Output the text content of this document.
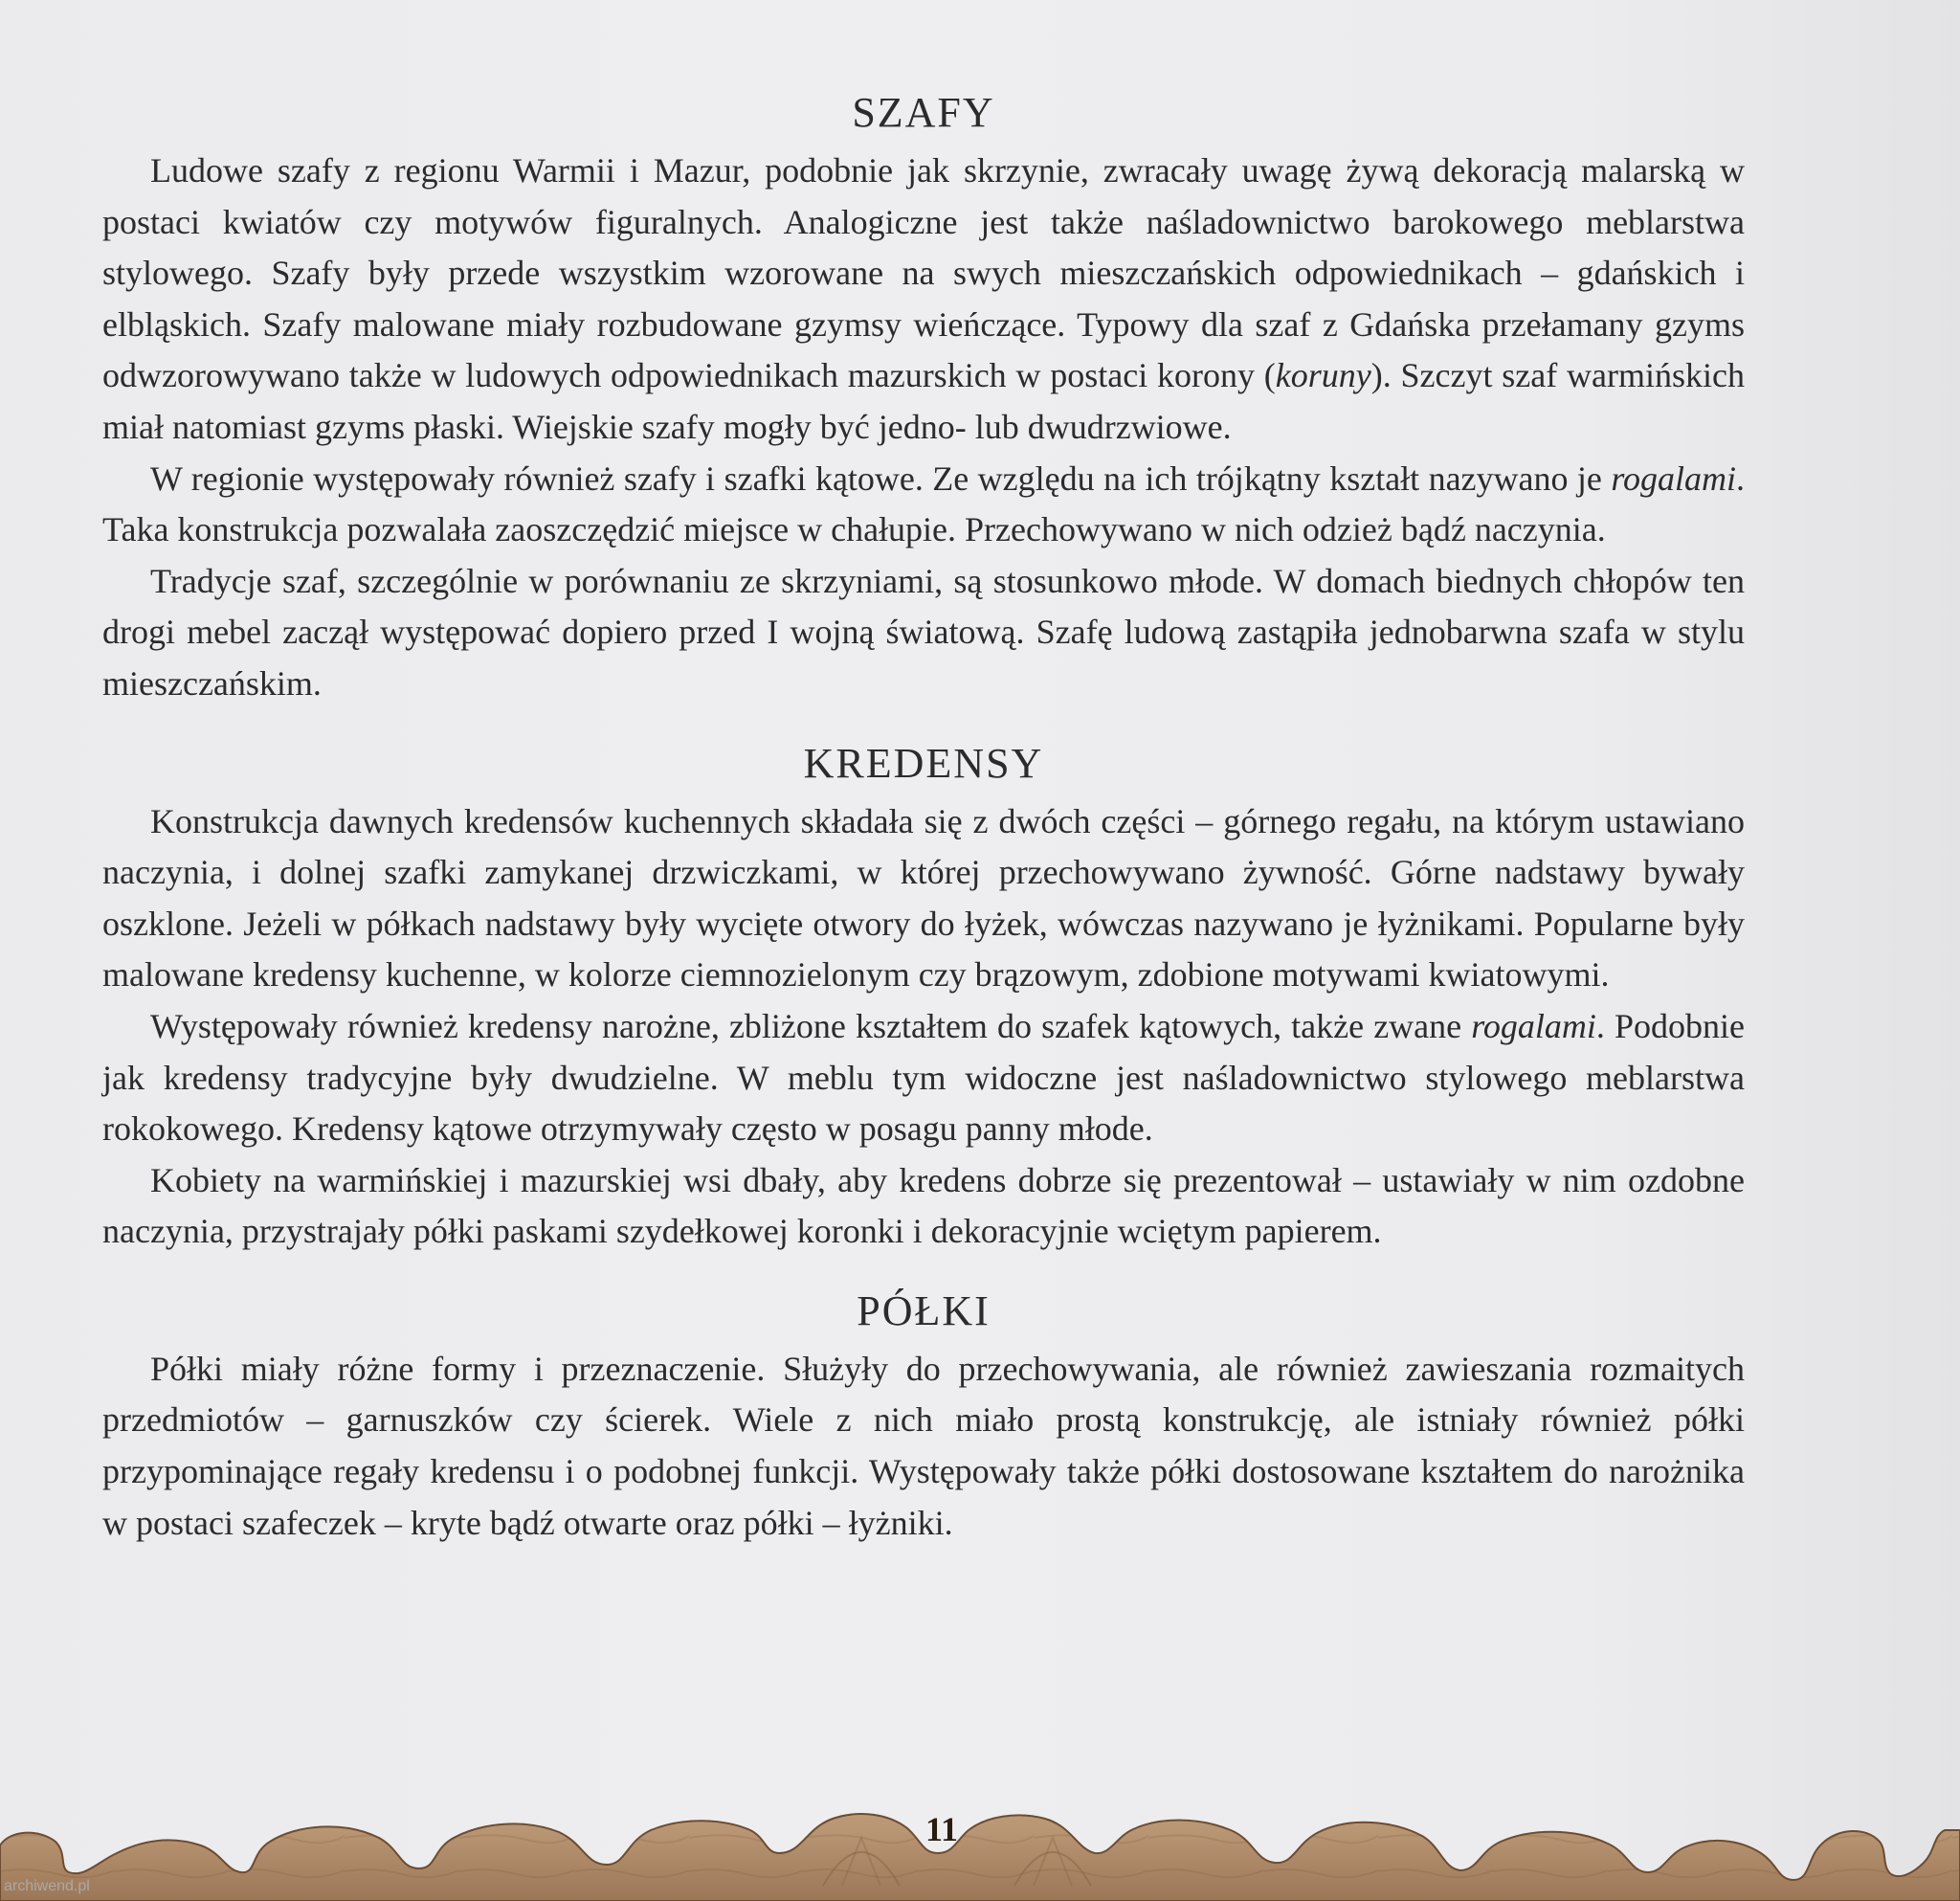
SZAFY

Ludowe szafy z regionu Warmii i Mazur, podobnie jak skrzynie, zwracały uwagę żywą dekoracją malarską w postaci kwiatów czy motywów figuralnych. Analogiczne jest także naśladownictwo barokowego meblarstwa stylowego. Szafy były przede wszystkim wzorowane na swych mieszczańskich odpowiednikach – gdańskich i elbląskich. Szafy malowane miały rozbudowane gzymsy wieńczące. Typowy dla szaf z Gdańska przełamany gzyms odwzorowywano także w ludowych odpowiednikach mazurskich w postaci korony (koruny). Szczyt szaf warmińskich miał natomiast gzyms płaski. Wiejskie szafy mogły być jedno- lub dwudrzwiowe.

W regionie występowały również szafy i szafki kątowe. Ze względu na ich trójkątny kształt nazywano je rogalami. Taka konstrukcja pozwalała zaoszczędzić miejsce w chałupie. Przechowywano w nich odzież bądź naczynia.

Tradycje szaf, szczególnie w porównaniu ze skrzyniami, są stosunkowo młode. W domach biednych chłopów ten drogi mebel zaczął występować dopiero przed I wojną światową. Szafę ludową zastąpiła jednobarwna szafa w stylu mieszczańskim.

KREDENSY

Konstrukcja dawnych kredensów kuchennych składała się z dwóch części – górnego regału, na którym ustawiano naczynia, i dolnej szafki zamykanej drzwiczkami, w której przechowywano żywność. Górne nadstawy bywały oszklone. Jeżeli w półkach nadstawy były wycięte otwory do łyżek, wówczas nazywano je łyżnikami. Popularne były malowane kredensy kuchenne, w kolorze ciemnozielonym czy brązowym, zdobione motywami kwiatowymi.

Występowały również kredensy narożne, zbliżone kształtem do szafek kątowych, także zwane rogalami. Podobnie jak kredensy tradycyjne były dwudzielne. W meblu tym widoczne jest naśladownictwo stylowego meblarstwa rokokowego. Kredensy kątowe otrzymywały często w posagu panny młode.

Kobiety na warmińskiej i mazurskiej wsi dbały, aby kredens dobrze się prezentował – ustawiały w nim ozdobne naczynia, przystrajały półki paskami szydełkowej koronki i dekoracyjnie wciętym papierem.

PÓŁKI

Półki miały różne formy i przeznaczenie. Służyły do przechowywania, ale również zawieszania rozmaitych przedmiotów – garnuszków czy ścierek. Wiele z nich miało prostą konstrukcję, ale istniały również półki przypominające regały kredensu i o podobnej funkcji. Występowały także półki dostosowane kształtem do narożnika w postaci szafeczek – kryte bądź otwarte oraz półki – łyżniki.

11
archiwend.pl
